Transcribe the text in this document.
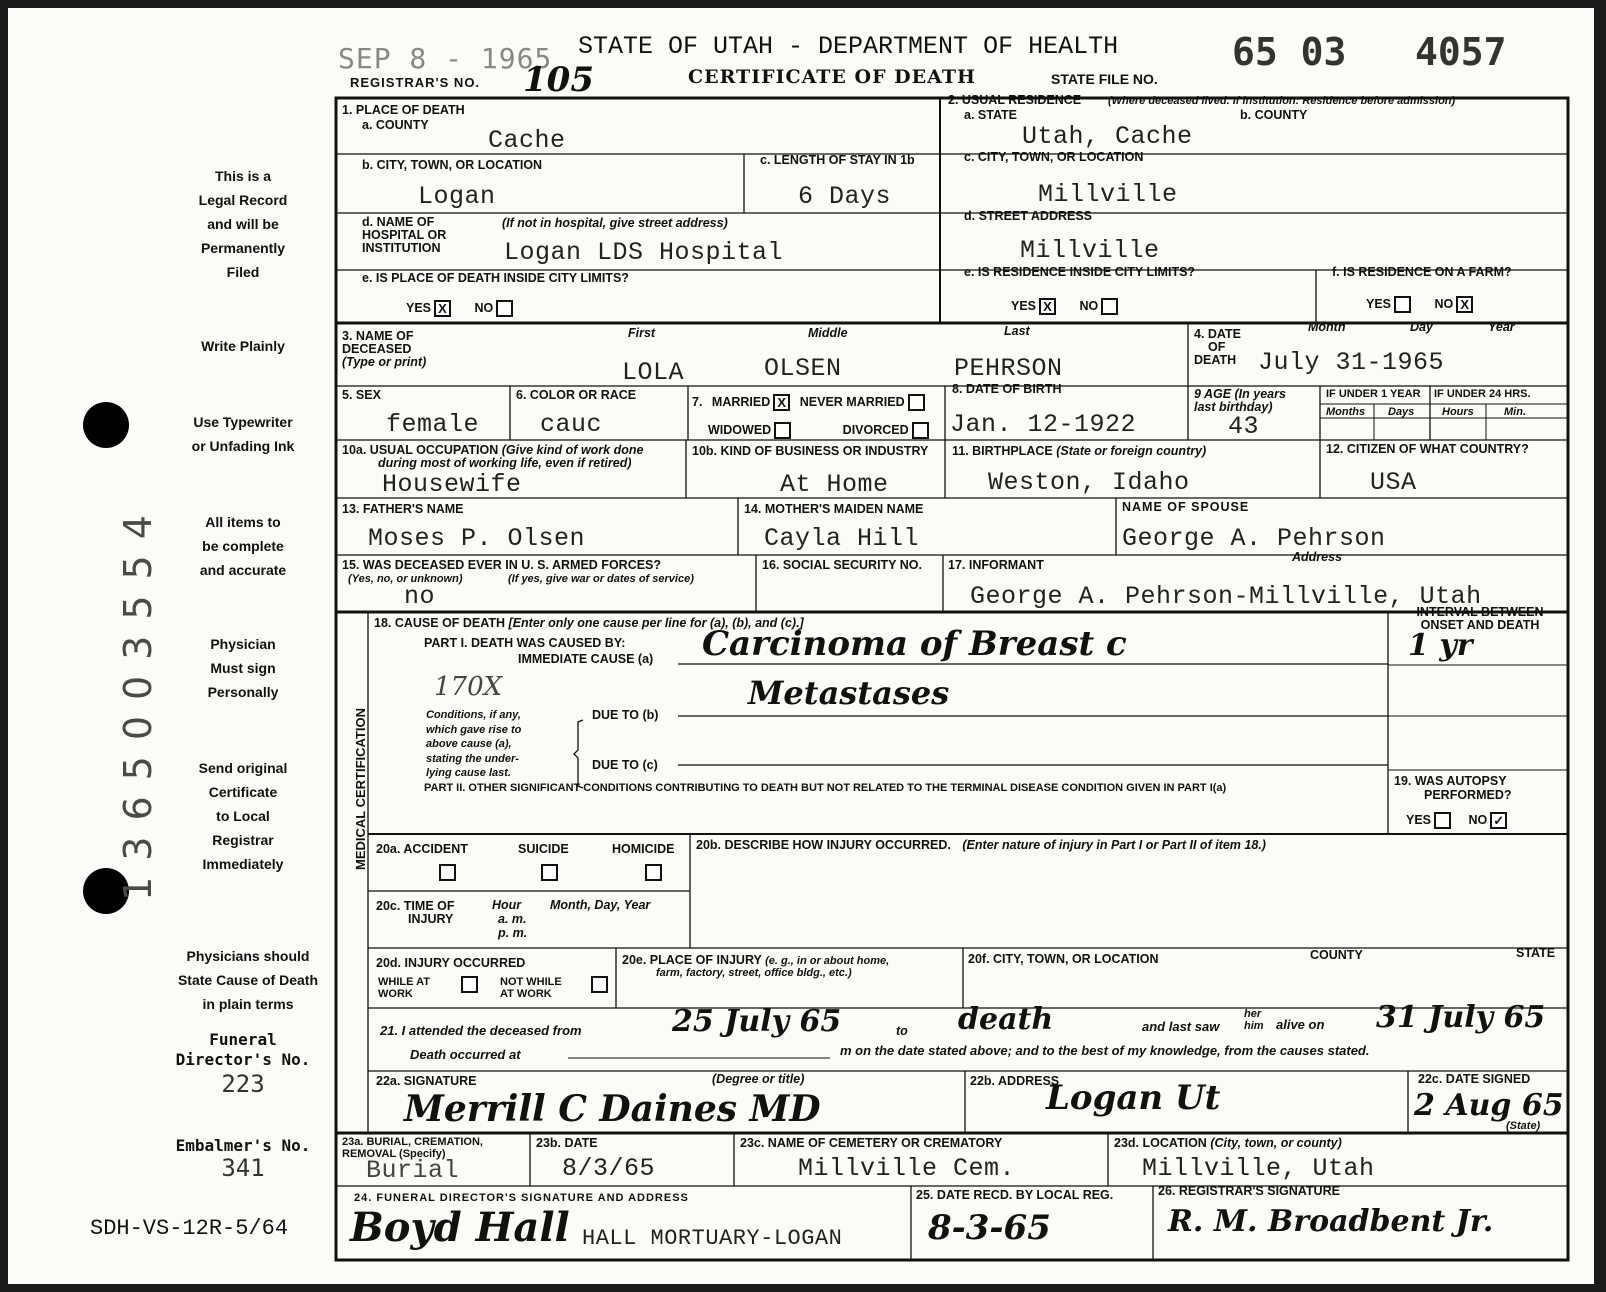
1365003554
SEP 8 - 1965
REGISTRAR'S NO. 105
STATE OF UTAH - DEPARTMENT OF HEALTH
CERTIFICATE OF DEATH	STATE FILE NO.
65 03   4057
This is a
Legal Record
and will be
Permanently
Filed
Write Plainly
Use Typewriter
or Unfading Ink
All items to
be complete
and accurate
Physician
Must sign
Personally
Send original
Certificate
to Local
Registrar
Immediately
Physicians should
State Cause of Death
in plain terms
Funeral
Director's No.
223
Embalmer's No.
341
SDH-VS-12R-5/64
1. PLACE OF DEATH
a. COUNTY
Cache
2. USUAL RESIDENCE (Where deceased lived. If institution: Residence before admission)
a. STATE	b. COUNTY
Utah, Cache
b. CITY, TOWN, OR LOCATION
Logan
c. LENGTH OF STAY IN 1b
6 Days
c. CITY, TOWN, OR LOCATION
Millville
d. NAME OF
HOSPITAL OR
INSTITUTION
(If not in hospital, give street address)
Logan LDS Hospital
d. STREET ADDRESS
Millville
e. IS PLACE OF DEATH INSIDE CITY LIMITS?
YES X NO
e. IS RESIDENCE INSIDE CITY LIMITS?
YES X NO
f. IS RESIDENCE ON A FARM?
YES	NO X
3. NAME OF
DECEASED
(Type or print)
First	Middle	Last
LOLA	OLSEN	PEHRSON
4. DATE
OF
DEATH
Month	Day	Year
July 31-1965
5. SEX
female
6. COLOR OR RACE
cauc
7. MARRIED X NEVER MARRIED
WIDOWED	DIVORCED
8. DATE OF BIRTH
Jan. 12-1922
9 AGE (In years
last birthday)
43
IF UNDER 1 YEAR IF UNDER 24 HRS.
Months Days	Hours	Min.
10a. USUAL OCCUPATION (Give kind of work done
during most of working life, even if retired)
Housewife
10b. KIND OF BUSINESS OR INDUSTRY
At Home
11. BIRTHPLACE (State or foreign country)
Weston, Idaho
12. CITIZEN OF WHAT COUNTRY?
USA
13. FATHER'S NAME
Moses P. Olsen
14. MOTHER'S MAIDEN NAME
Cayla Hill
NAME OF SPOUSE
George A. Pehrson
15. WAS DECEASED EVER IN U. S. ARMED FORCES?
(Yes, no, or unknown)	(If yes, give war or dates of service)
no
16. SOCIAL SECURITY NO. 17. INFORMANT
Address
George A. Pehrson-Millville, Utah
MEDICAL CERTIFICATION
18. CAUSE OF DEATH [Enter only one cause per line for (a), (b), and (c).]
PART I. DEATH WAS CAUSED BY:
IMMEDIATE CAUSE (a) Carcinoma of Breast c
Metastases
170X
Conditions, if any,
which gave rise to
above cause (a),
stating the under-
lying cause last.
DUE TO (b)
DUE TO (c)
INTERVAL BETWEEN
ONSET AND DEATH
1 yr
PART II. OTHER SIGNIFICANT CONDITIONS CONTRIBUTING TO DEATH BUT NOT RELATED TO THE TERMINAL DISEASE CONDITION GIVEN IN PART I(a)	19. WAS AUTOPSY
PERFORMED?
YES	NO ✓
20a. ACCIDENT	SUICIDE	HOMICIDE 20b. DESCRIBE HOW INJURY OCCURRED. (Enter nature of injury in Part I or Part II of item 18.)
20c. TIME OF
INJURY
Hour
a. m.
p. m.
Month, Day, Year
20d. INJURY OCCURRED
WHILE AT
WORK
NOT WHILE
AT WORK
20e. PLACE OF INJURY (e. g., in or about home,
farm, factory, street, office bldg., etc.)
20f. CITY, TOWN, OR LOCATION	COUNTY	STATE
21. I attended the deceased from	25 July 65	to death	and last saw
her
him alive on 31 July 65
Death occurred at	m on the date stated above; and to the best of my knowledge, from the causes stated.
22a. SIGNATURE	(Degree or title)
Merrill C Daines MD
22b. ADDRESS
Logan Ut	22c. DATE SIGNED
2 Aug 65
(State)
23a. BURIAL, CREMATION,
REMOVAL (Specify)
Burial
23b. DATE
8/3/65
23c. NAME OF CEMETERY OR CREMATORY
Millville Cem.
23d. LOCATION (City, town, or county)
Millville, Utah
24. FUNERAL DIRECTOR'S SIGNATURE AND ADDRESS
Boyd Hall HALL MORTUARY-LOGAN
25. DATE RECD. BY LOCAL REG.
8-3-65
26. REGISTRAR'S SIGNATURE
R. M. Broadbent Jr.
